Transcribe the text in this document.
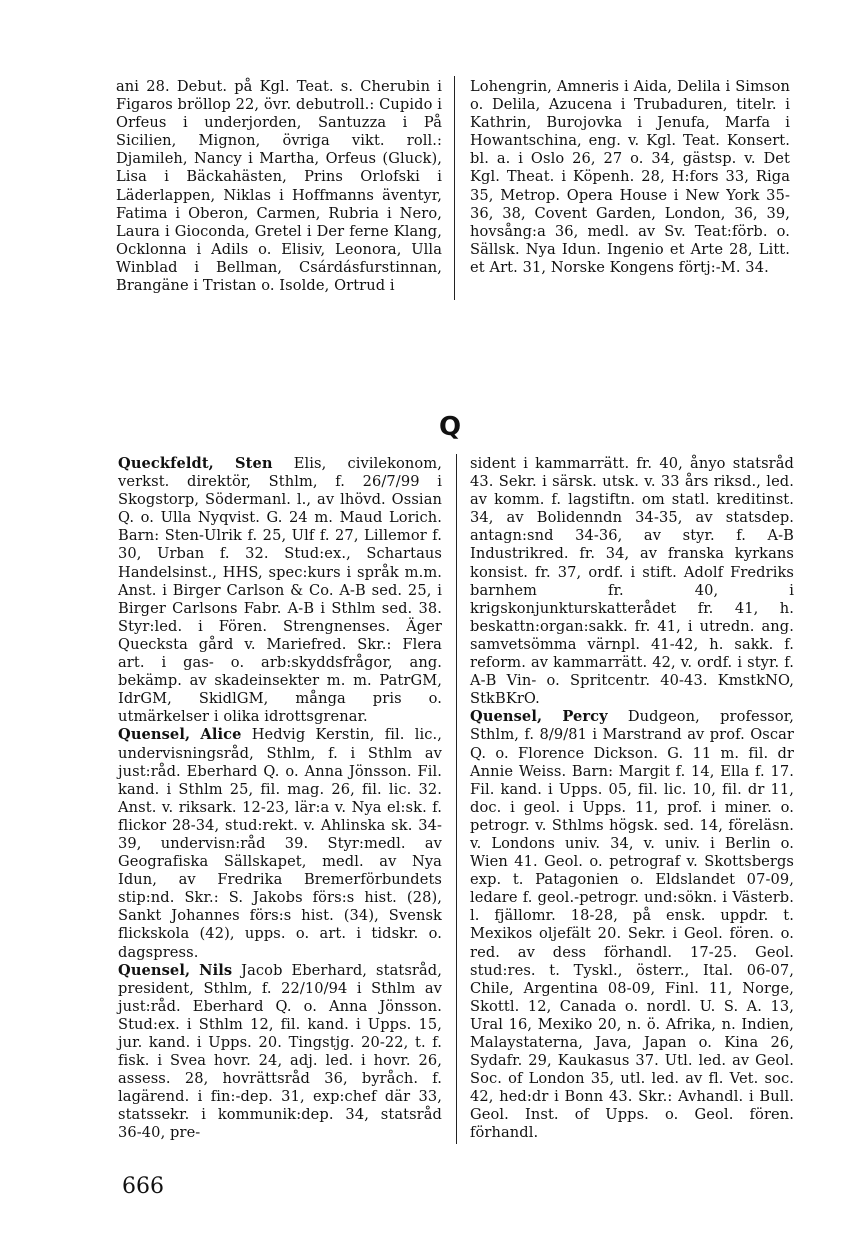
ani 28. Debut. på Kgl. Teat. s. Cherubin i Figaros bröllop 22, övr. debutroll.: Cupido i Orfeus i underjorden, Santuzza i På Sicilien, Mignon, övriga vikt. roll.: Djamileh, Nancy i Martha, Orfeus (Gluck), Lisa i Bäckahästen, Prins Orlofski i Läderlappen, Niklas i Hoffmanns äventyr, Fatima i Oberon, Carmen, Rubria i Nero, Laura i Gioconda, Gretel i Der ferne Klang, Ocklonna i Adils o. Elisiv, Leonora, Ulla Winblad i Bellman, Csárdásfurstinnan, Brangäne i Tristan o. Isolde, Ortrud i

Lohengrin, Amneris i Aida, Delila i Simson o. Delila, Azucena i Trubaduren, titelr. i Kathrin, Burojovka i Jenufa, Marfa i Howantschina, eng. v. Kgl. Teat. Konsert. bl. a. i Oslo 26, 27 o. 34, gästsp. v. Det Kgl. Theat. i Köpenh. 28, H:fors 33, Riga 35, Metrop. Opera House i New York 35-36, 38, Covent Garden, London, 36, 39, hovsång:a 36, medl. av Sv. Teat:förb. o. Sällsk. Nya Idun. Ingenio et Arte 28, Litt. et Art. 31, Norske Kongens förtj:-M. 34.

Q

Queckfeldt, Sten Elis, civilekonom, verkst. direktör, Sthlm, f. 26/7/99 i Skogstorp, Södermanl. l., av lhövd. Ossian Q. o. Ulla Nyqvist. G. 24 m. Maud Lorich. Barn: Sten-Ulrik f. 25, Ulf f. 27, Lillemor f. 30, Urban f. 32. Stud:ex., Schartaus Handelsinst., HHS, spec:kurs i språk m.m. Anst. i Birger Carlson & Co. A-B sed. 25, i Birger Carlsons Fabr. A-B i Sthlm sed. 38. Styr:led. i Fören. Strengnenses. Äger Queckstа gård v. Mariefred. Skr.: Flera art. i gas- o. arb:skyddsfrågor, ang. bekämp. av skadeinsekter m. m. PatrGM, IdrGM, SkidlGM, många pris o. utmärkelser i olika idrottsgrenar.

Quensel, Alice Hedvig Kerstin, fil. lic., undervisningsråd, Sthlm, f. i Sthlm av just:råd. Eberhard Q. o. Anna Jönsson. Fil. kand. i Sthlm 25, fil. mag. 26, fil. lic. 32. Anst. v. riksark. 12-23, lär:a v. Nya el:sk. f. flickor 28-34, stud:rekt. v. Ahlinska sk. 34-39, undervisn:råd 39. Styr:medl. av Geografiska Sällskapet, medl. av Nya Idun, av Fredrika Bremerförbundets stip:nd. Skr.: S. Jakobs förs:s hist. (28), Sankt Johannes förs:s hist. (34), Svensk flickskola (42), upps. o. art. i tidskr. o. dagspress.

Quensel, Nils Jacob Eberhard, statsråd, president, Sthlm, f. 22/10/94 i Sthlm av just:råd. Eberhard Q. o. Anna Jönsson. Stud:ex. i Sthlm 12, fil. kand. i Upps. 15, jur. kand. i Upps. 20. Tingstjg. 20-22, t. f. fisk. i Svea hovr. 24, adj. led. i hovr. 26, assess. 28, hovrättsråd 36, byråch. f. lagärend. i fin:-dep. 31, exp:chef där 33, statssekr. i kommunik:dep. 34, statsråd 36-40, pre-

sident i kammarrätt. fr. 40, ånyo statsråd 43. Sekr. i särsk. utsk. v. 33 års riksd., led. av komm. f. lagstiftn. om statl. kreditinst. 34, av Bolidenndn 34-35, av statsdep. antagn:snd 34-36, av styr. f. A-B Industrikred. fr. 34, av franska kyrkans konsist. fr. 37, ordf. i stift. Adolf Fredriks barnhem fr. 40, i krigskonjunkturskatterådet fr. 41, h. beskattn:organ:sakk. fr. 41, i utredn. ang. samvetsömma värnpl. 41-42, h. sakk. f. reform. av kammarrätt. 42, v. ordf. i styr. f. A-B Vin- o. Spritcentr. 40-43. KmstkNO, StkBKrO.

Quensel, Percy Dudgeon, professor, Sthlm, f. 8/9/81 i Marstrand av prof. Oscar Q. o. Florence Dickson. G. 11 m. fil. dr Annie Weiss. Barn: Margit f. 14, Ella f. 17. Fil. kand. i Upps. 05, fil. lic. 10, fil. dr 11, doc. i geol. i Upps. 11, prof. i miner. o. petrogr. v. Sthlms högsk. sed. 14, föreläsn. v. Londons univ. 34, v. univ. i Berlin o. Wien 41. Geol. o. petrograf v. Skottsbergs exp. t. Patagonien o. Eldslandet 07-09, ledare f. geol.-petrogr. und:sökn. i Västerb. l. fjällomr. 18-28, på ensk. uppdr. t. Mexikos oljefält 20. Sekr. i Geol. fören. o. red. av dess förhandl. 17-25. Geol. stud:res. t. Tyskl., österr., Ital. 06-07, Chile, Argentina 08-09, Finl. 11, Norge, Skottl. 12, Canada o. nordl. U. S. A. 13, Ural 16, Mexiko 20, n. ö. Afrika, n. Indien, Malaystaterna, Java, Japan o. Kina 26, Sydafr. 29, Kaukasus 37. Utl. led. av Geol. Soc. of London 35, utl. led. av fl. Vet. soc. 42, hed:dr i Bonn 43. Skr.: Avhandl. i Bull. Geol. Inst. of Upps. o. Geol. fören. förhandl.

666
